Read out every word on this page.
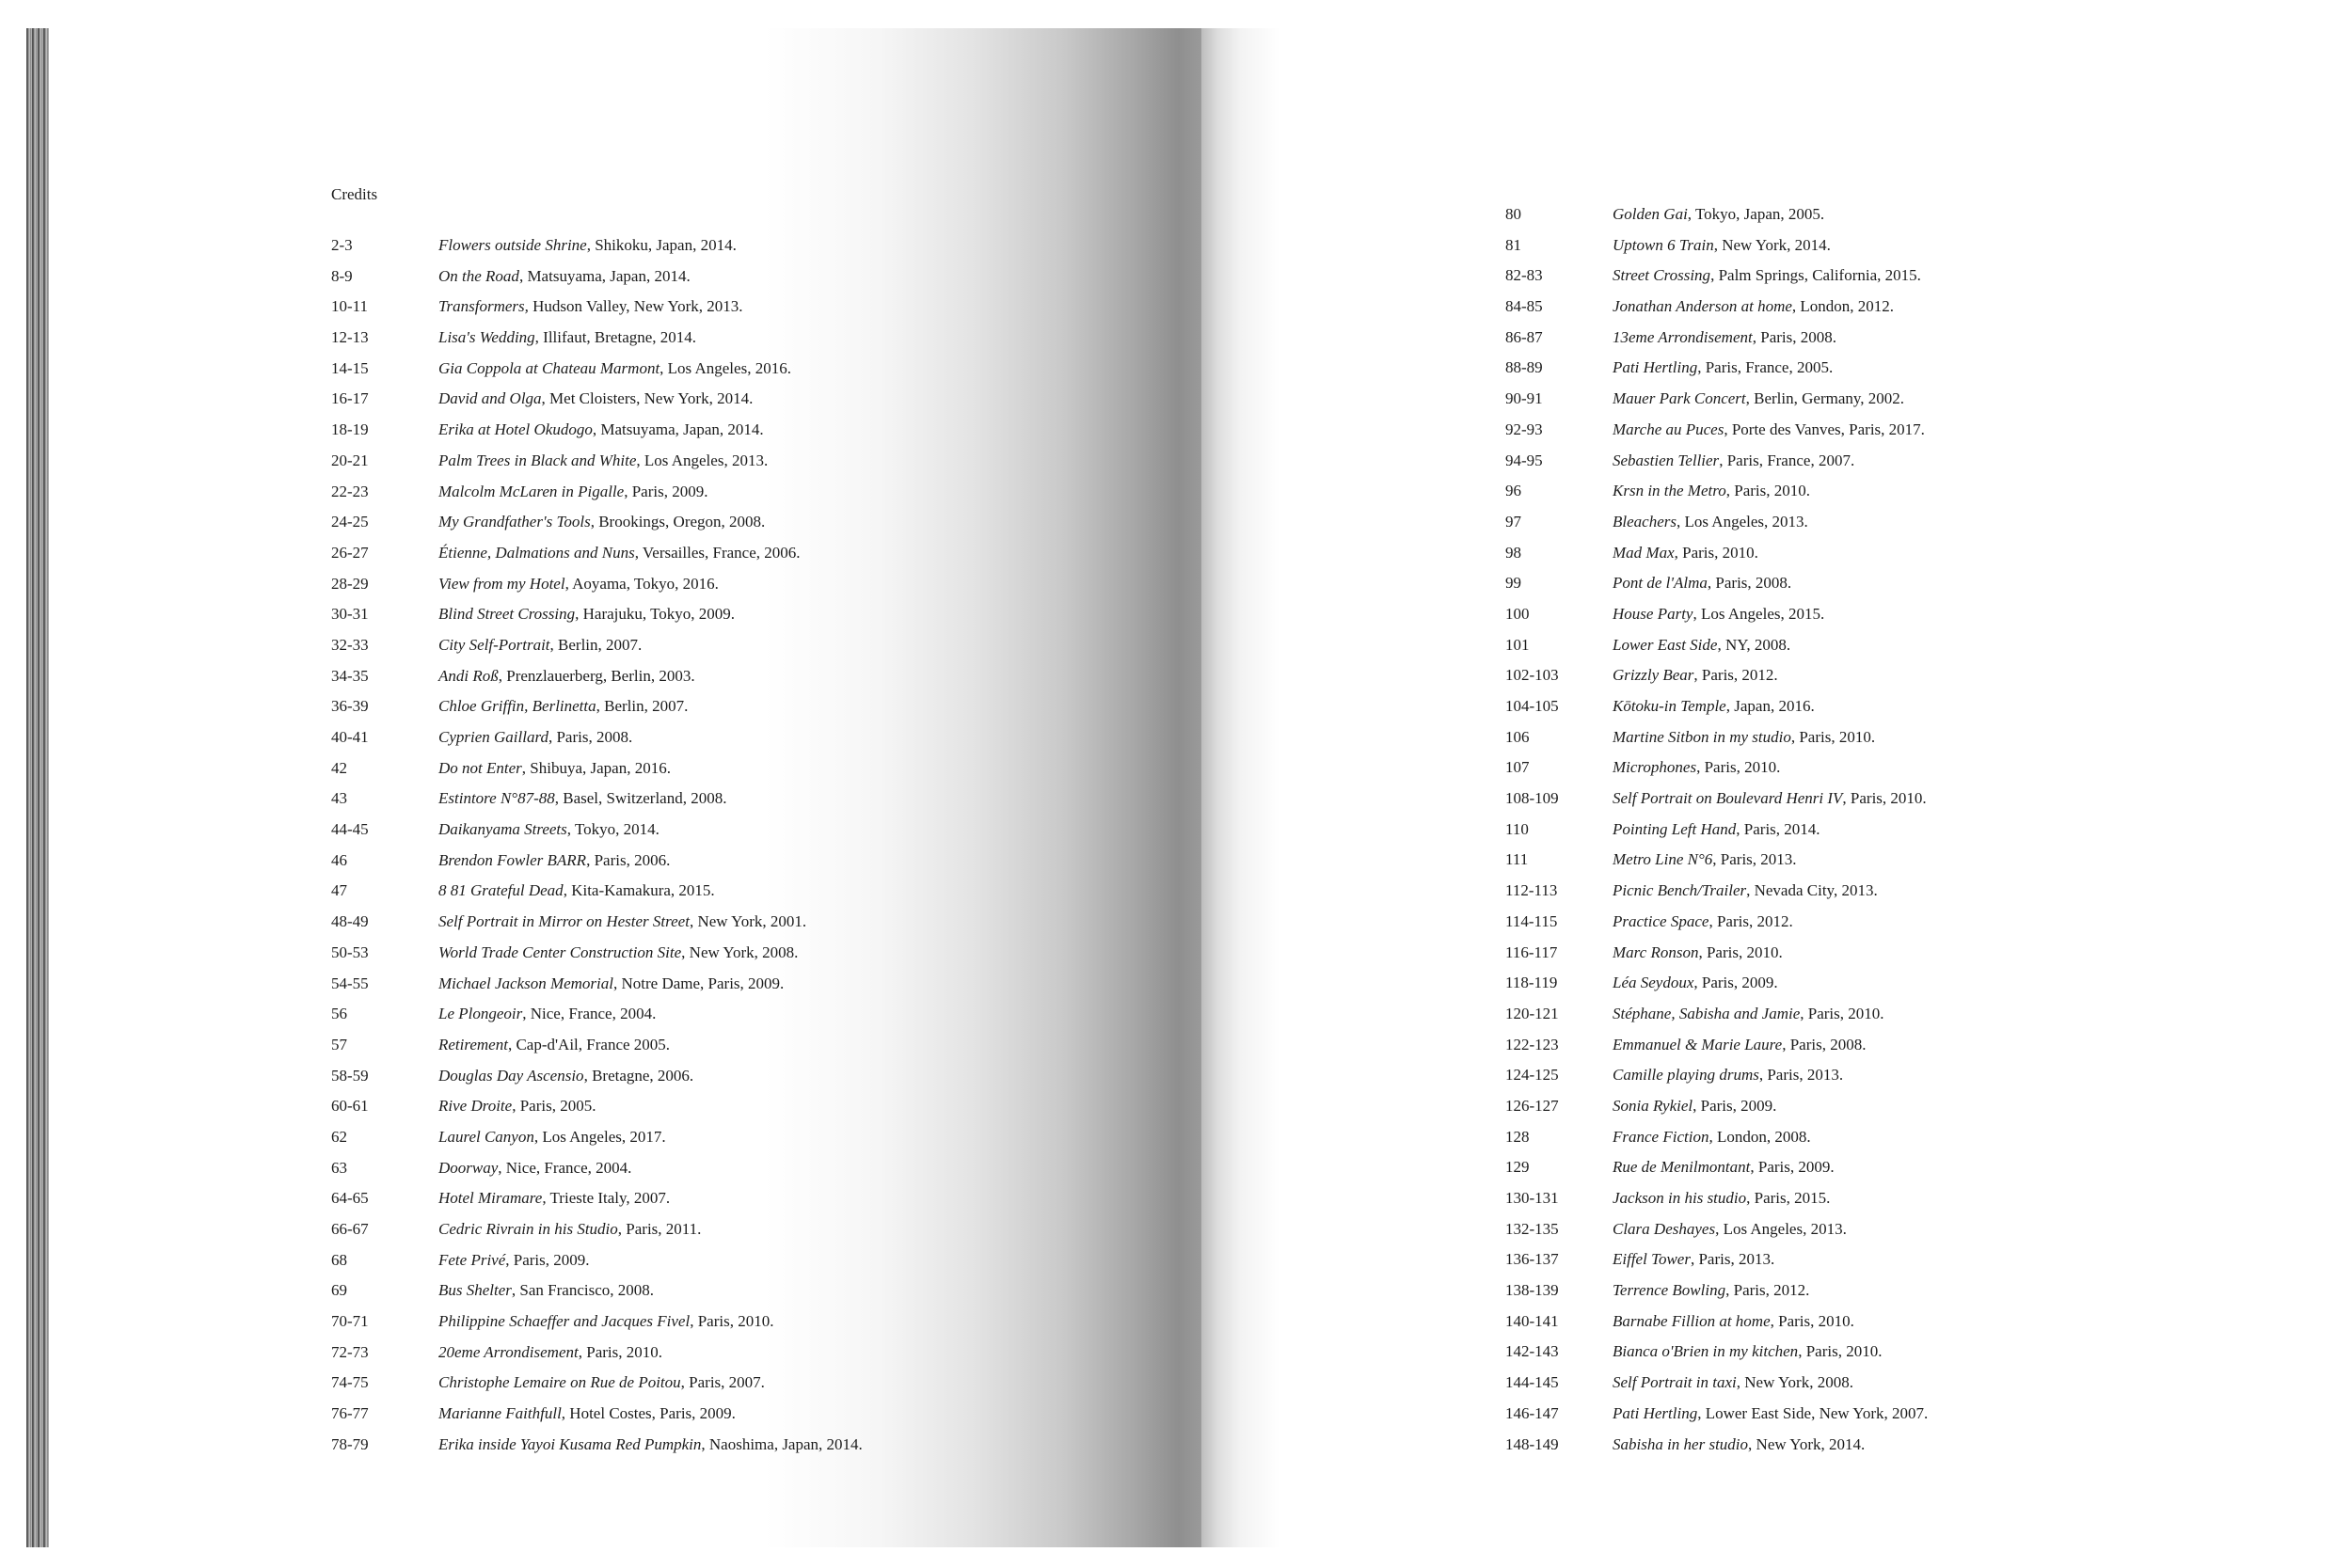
Credits
2-3	Flowers outside Shrine, Shikoku, Japan, 2014.
8-9	On the Road, Matsuyama, Japan, 2014.
10-11	Transformers, Hudson Valley, New York, 2013.
12-13	Lisa's Wedding, Illifaut, Bretagne, 2014.
14-15	Gia Coppola at Chateau Marmont, Los Angeles, 2016.
16-17	David and Olga, Met Cloisters, New York, 2014.
18-19	Erika at Hotel Okudogo, Matsuyama, Japan, 2014.
20-21	Palm Trees in Black and White, Los Angeles, 2013.
22-23	Malcolm McLaren in Pigalle, Paris, 2009.
24-25	My Grandfather's Tools, Brookings, Oregon, 2008.
26-27	Étienne, Dalmations and Nuns, Versailles, France, 2006.
28-29	View from my Hotel, Aoyama, Tokyo, 2016.
30-31	Blind Street Crossing, Harajuku, Tokyo, 2009.
32-33	City Self-Portrait, Berlin, 2007.
34-35	Andi Roß, Prenzlauerberg, Berlin, 2003.
36-39	Chloe Griffin, Berlinetta, Berlin, 2007.
40-41	Cyprien Gaillard, Paris, 2008.
42	Do not Enter, Shibuya, Japan, 2016.
43	Estintore N°87-88, Basel, Switzerland, 2008.
44-45	Daikanyama Streets, Tokyo, 2014.
46	Brendon Fowler BARR, Paris, 2006.
47	8 81 Grateful Dead, Kita-Kamakura, 2015.
48-49	Self Portrait in Mirror on Hester Street, New York, 2001.
50-53	World Trade Center Construction Site, New York, 2008.
54-55	Michael Jackson Memorial, Notre Dame, Paris, 2009.
56	Le Plongeoir, Nice, France, 2004.
57	Retirement, Cap-d'Ail, France 2005.
58-59	Douglas Day Ascensio, Bretagne, 2006.
60-61	Rive Droite, Paris, 2005.
62	Laurel Canyon, Los Angeles, 2017.
63	Doorway, Nice, France, 2004.
64-65	Hotel Miramare, Trieste Italy, 2007.
66-67	Cedric Rivrain in his Studio, Paris, 2011.
68	Fete Privé, Paris, 2009.
69	Bus Shelter, San Francisco, 2008.
70-71	Philippine Schaeffer and Jacques Fivel, Paris, 2010.
72-73	20eme Arrondisement, Paris, 2010.
74-75	Christophe Lemaire on Rue de Poitou, Paris, 2007.
76-77	Marianne Faithfull, Hotel Costes, Paris, 2009.
78-79	Erika inside Yayoi Kusama Red Pumpkin, Naoshima, Japan, 2014.
80	Golden Gai, Tokyo, Japan, 2005.
81	Uptown 6 Train, New York, 2014.
82-83	Street Crossing, Palm Springs, California, 2015.
84-85	Jonathan Anderson at home, London, 2012.
86-87	13eme Arrondisement, Paris, 2008.
88-89	Pati Hertling, Paris, France, 2005.
90-91	Mauer Park Concert, Berlin, Germany, 2002.
92-93	Marche au Puces, Porte des Vanves, Paris, 2017.
94-95	Sebastien Tellier, Paris, France, 2007.
96	Krsn in the Metro, Paris, 2010.
97	Bleachers, Los Angeles, 2013.
98	Mad Max, Paris, 2010.
99	Pont de l'Alma, Paris, 2008.
100	House Party, Los Angeles, 2015.
101	Lower East Side, NY, 2008.
102-103	Grizzly Bear, Paris, 2012.
104-105	Kōtoku-in Temple, Japan, 2016.
106	Martine Sitbon in my studio, Paris, 2010.
107	Microphones, Paris, 2010.
108-109	Self Portrait on Boulevard Henri IV, Paris, 2010.
110	Pointing Left Hand, Paris, 2014.
111	Metro Line N°6, Paris, 2013.
112-113	Picnic Bench/Trailer, Nevada City, 2013.
114-115	Practice Space, Paris, 2012.
116-117	Marc Ronson, Paris, 2010.
118-119	Léa Seydoux, Paris, 2009.
120-121	Stéphane, Sabisha and Jamie, Paris, 2010.
122-123	Emmanuel & Marie Laure, Paris, 2008.
124-125	Camille playing drums, Paris, 2013.
126-127	Sonia Rykiel, Paris, 2009.
128	France Fiction, London, 2008.
129	Rue de Menilmontant, Paris, 2009.
130-131	Jackson in his studio, Paris, 2015.
132-135	Clara Deshayes, Los Angeles, 2013.
136-137	Eiffel Tower, Paris, 2013.
138-139	Terrence Bowling, Paris, 2012.
140-141	Barnabe Fillion at home, Paris, 2010.
142-143	Bianca o'Brien in my kitchen, Paris, 2010.
144-145	Self Portrait in taxi, New York, 2008.
146-147	Pati Hertling, Lower East Side, New York, 2007.
148-149	Sabisha in her studio, New York, 2014.
